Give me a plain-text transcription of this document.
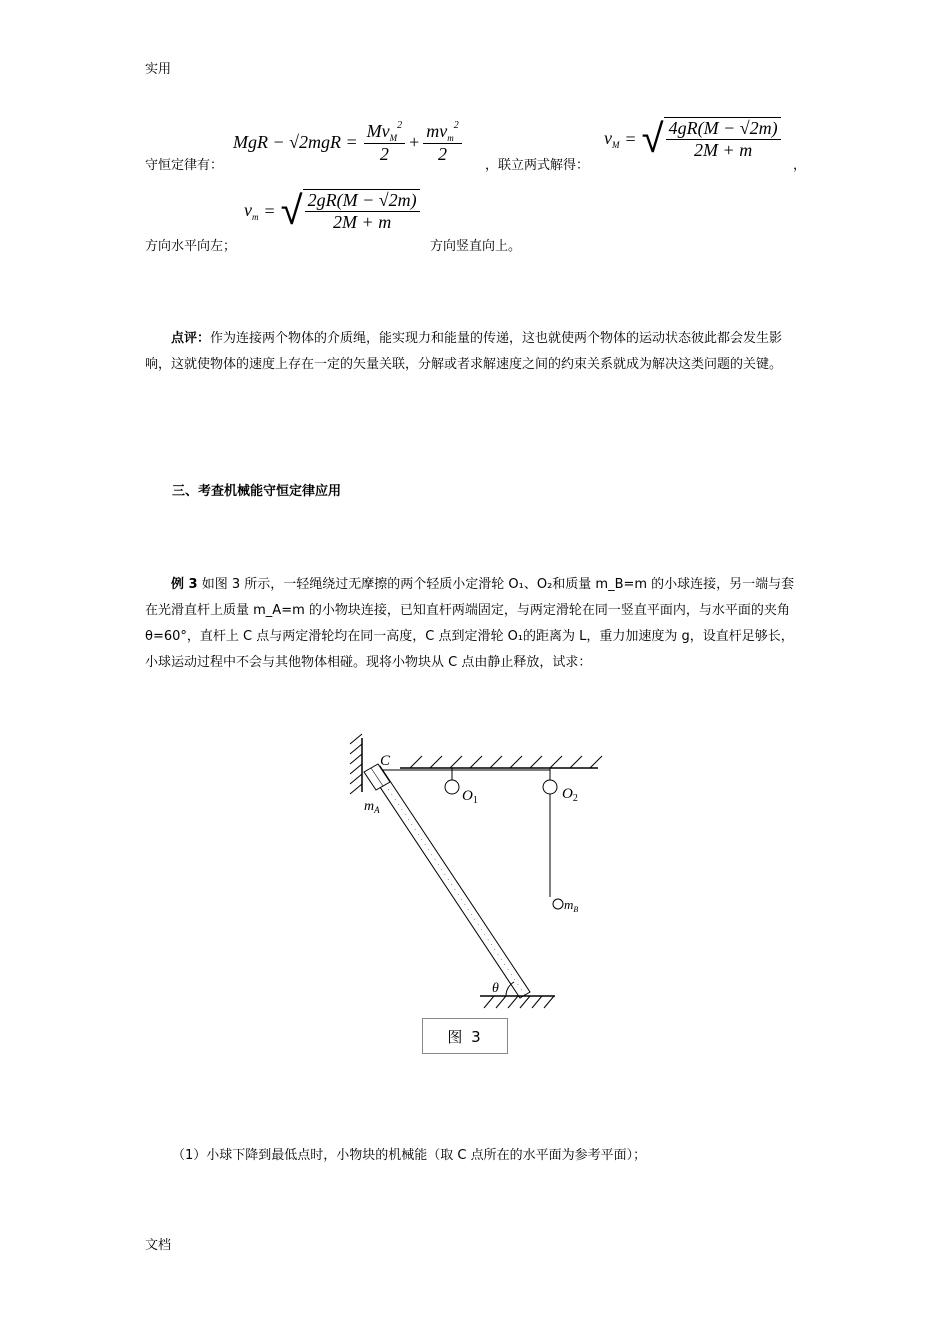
实用
文档
守恒定律有：
MgR − $√2mgR = \frac{Mv_M^2}{2} + \frac{mv_m^2}{2}$
，联立两式解得：
$v_M$ = √ $\frac{4gR(M - √2m)}{2M + m}$
，
方向水平向左；
$v_m$ = √ $\frac{2gR(M - √2m)}{2M + m}$
方向竖直向上。
点评：作为连接两个物体的介质绳，能实现力和能量的传递，这也就使两个物体的运动状态彼此都会发生影响，这就使物体的速度上存在一定的矢量关联，分解或者求解速度之间的约束关系就成为解决这类问题的关键。
三、考查机械能守恒定律应用
例 3 如图 3 所示，一轻绳绕过无摩擦的两个轻质小定滑轮 O₁、O₂和质量 m_B=m 的小球连接，另一端与套在光滑直杆上质量 m_A=m 的小物块连接，已知直杆两端固定，与两定滑轮在同一竖直平面内，与水平面的夹角 θ=60°，直杆上 C 点与两定滑轮均在同一高度，C 点到定滑轮 O₁的距离为 L，重力加速度为 g，设直杆足够长，小球运动过程中不会与其他物体相碰。现将小物块从 C 点由静止释放，试求：
C
$m_A$
$O_1$	$O_2$
$m_B$
θ
图 3
（1）小球下降到最低点时，小物块的机械能（取 C 点所在的水平面为参考平面）；
